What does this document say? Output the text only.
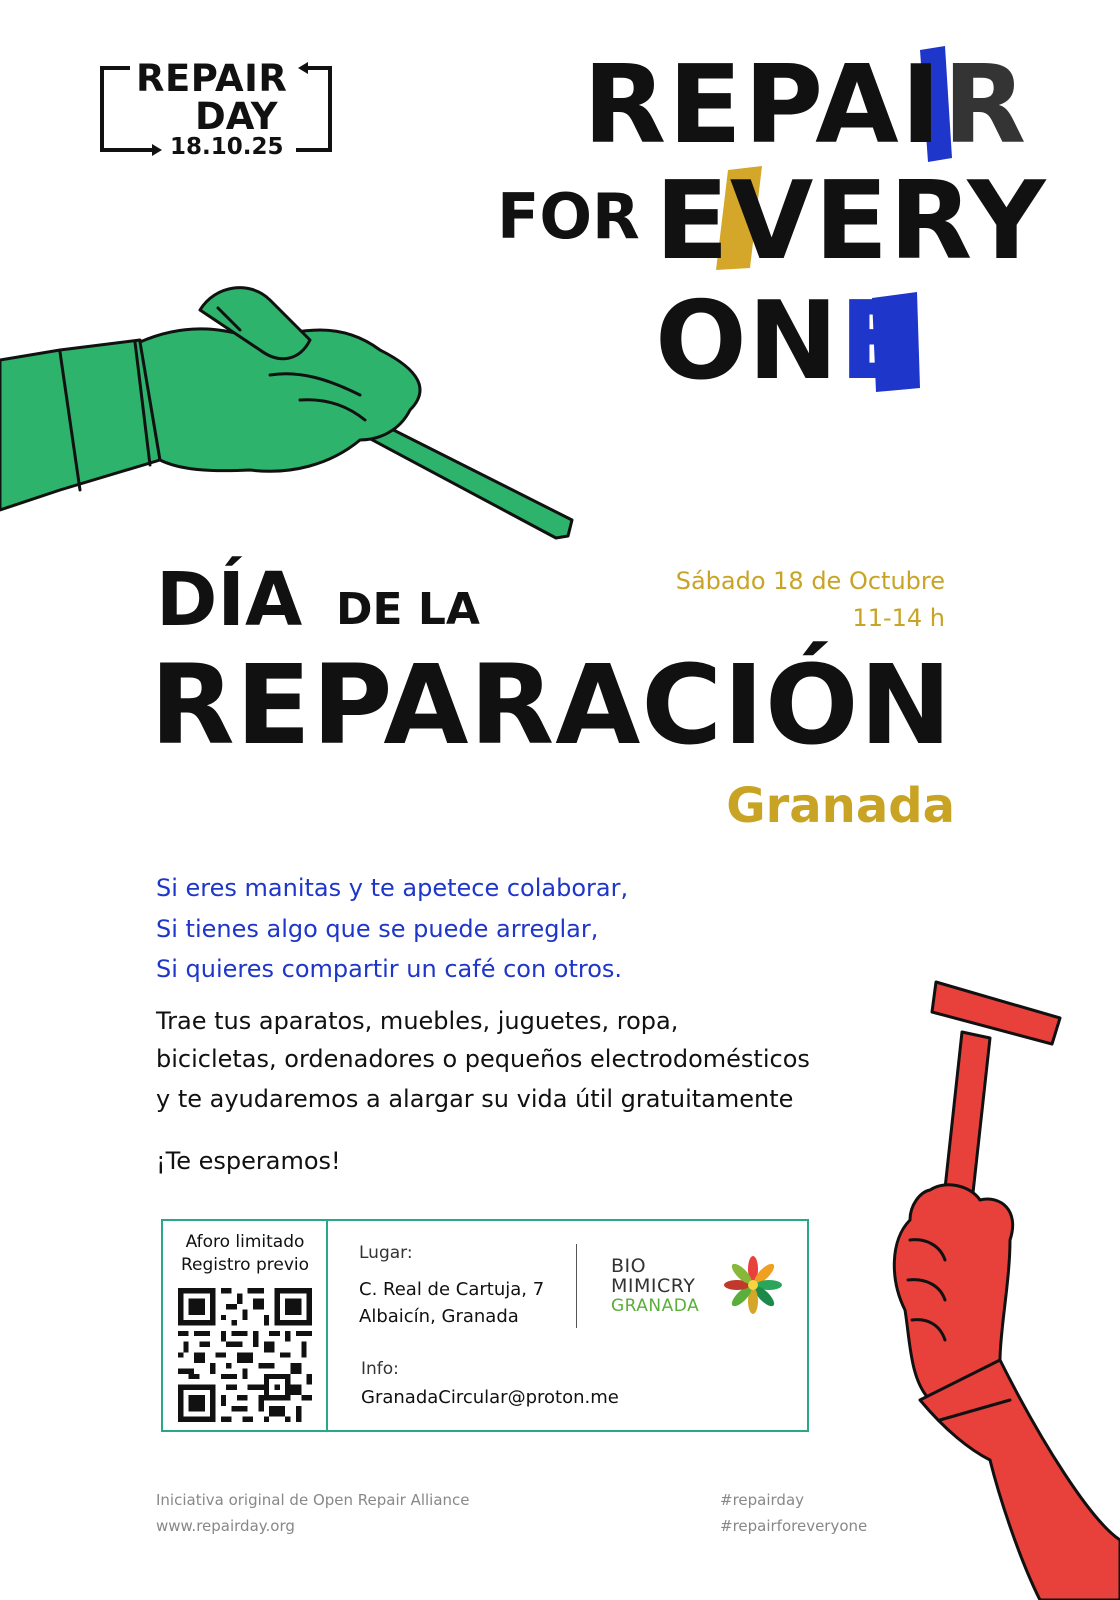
REPAIR
DAY
18.10.25	REPAIR
FOR EVERY
ONE
DÍA DE LA
REPARACIÓN
Sábado 18 de Octubre
11-14 h
Granada
Si eres manitas y te apetece colaborar,
Si tienes algo que se puede arreglar,
Si quieres compartir un café con otros.
Trae tus aparatos, muebles, juguetes, ropa,
bicicletas, ordenadores o pequeños electrodomésticos
y te ayudaremos a alargar su vida útil gratuitamente
¡Te esperamos!
Aforo limitado
Registro previo
Lugar:
C. Real de Cartuja, 7
Albaicín, Granada
BIO
MIMICRY
GRANADA
Info:
GranadaCircular@proton.me
Iniciativa original de Open Repair Alliance
www.repairday.org
#repairday
#repairforeveryone
